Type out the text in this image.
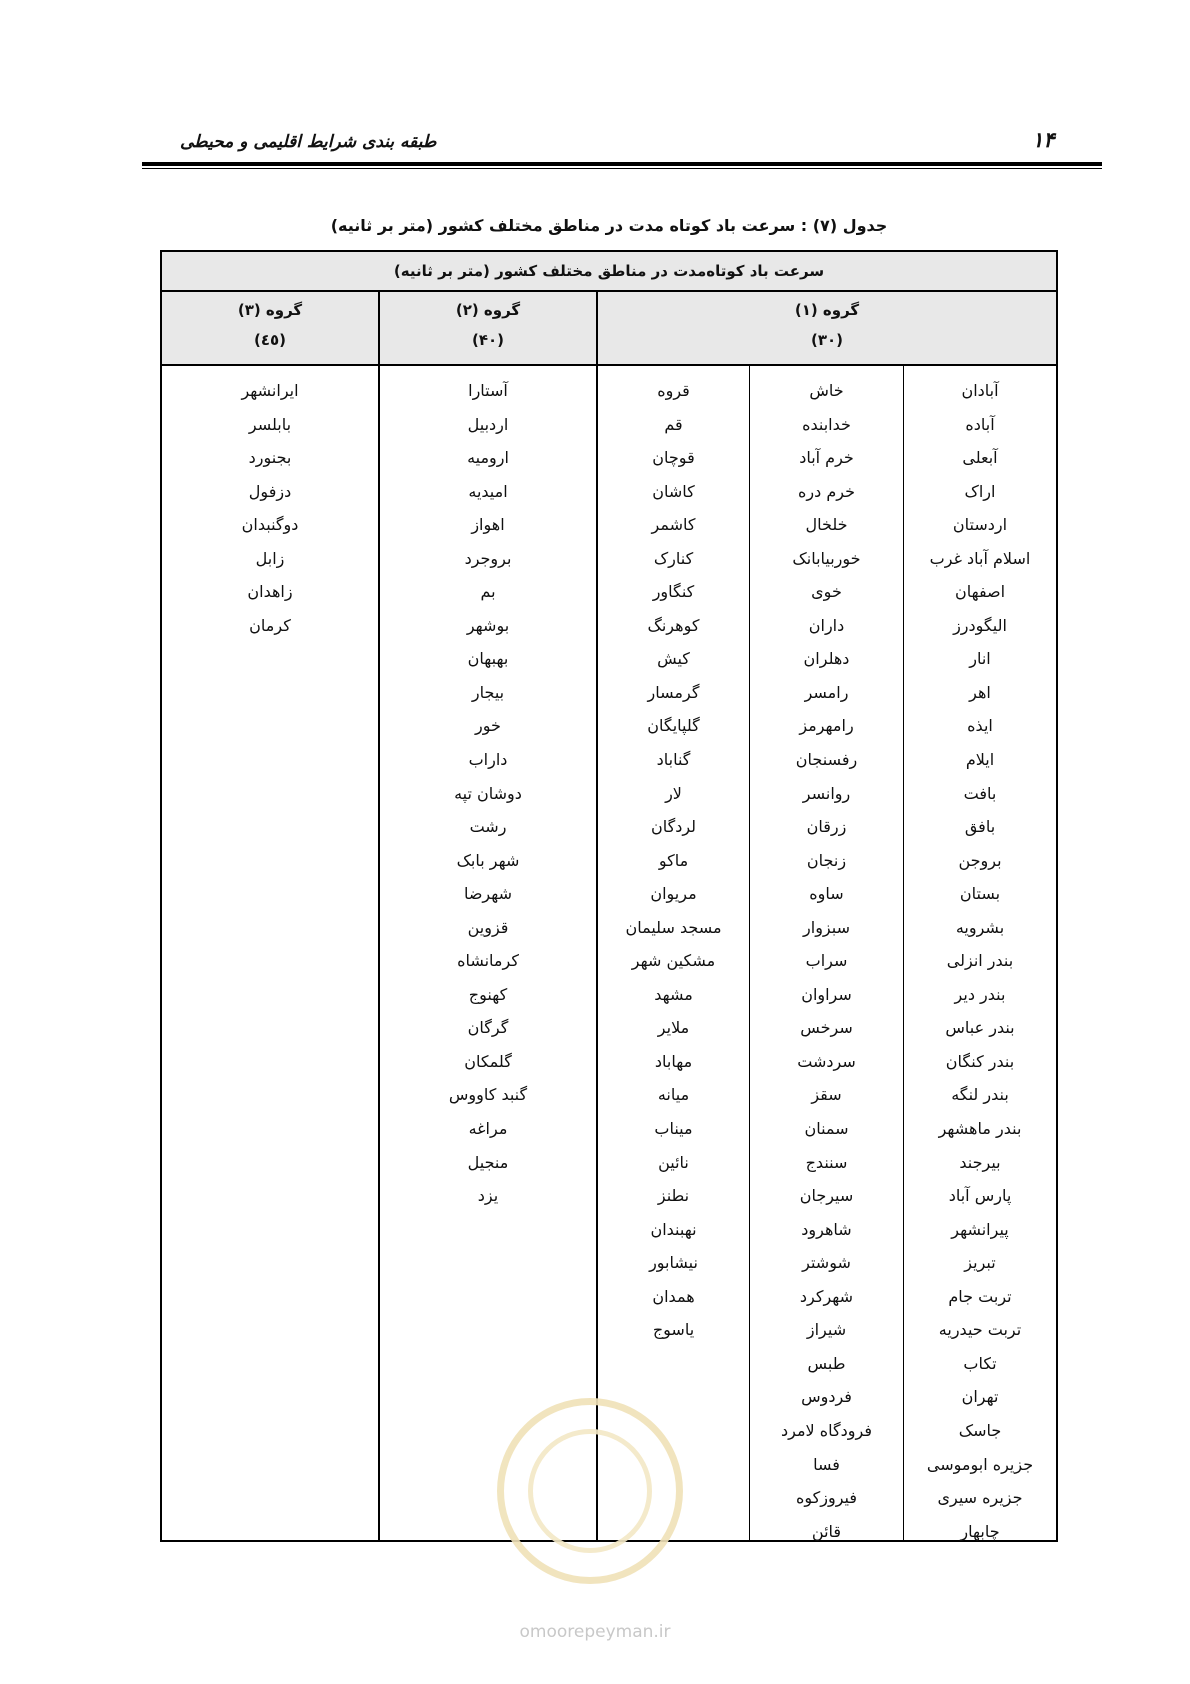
۱۴
طبقه بندی شرایط اقلیمی و محیطی
جدول (۷) : سرعت باد کوتاه مدت در مناطق مختلف کشور (متر بر ثانیه)
سرعت باد کوتاه‌مدت در مناطق مختلف کشور (متر بر ثانیه)
گروه (۳)
(٤٥)
گروه (۲)
(۴۰)
گروه (۱)
(۳۰)
ایرانشهر
بابلسر
بجنورد
دزفول
دوگنبدان
زابل
زاهدان
کرمان
آستارا
اردبیل
ارومیه
امیدیه
اهواز
بروجرد
بم
بوشهر
بهبهان
بیجار
خور
داراب
دوشان تپه
رشت
شهر بابک
شهرضا
قزوین
کرمانشاه
کهنوج
گرگان
گلمکان
گنبد کاووس
مراغه
منجیل
یزد
قروه
قم
قوچان
کاشان
کاشمر
کنارک
کنگاور
کوهرنگ
کیش
گرمسار
گلپایگان
گناباد
لار
لردگان
ماکو
مریوان
مسجد سلیمان
مشکین شهر
مشهد
ملایر
مهاباد
میانه
میناب
نائین
نطنز
نهبندان
نیشابور
همدان
یاسوج
خاش
خدابنده
خرم آباد
خرم دره
خلخال
خوربیابانک
خوی
داران
دهلران
رامسر
رامهرمز
رفسنجان
روانسر
زرقان
زنجان
ساوه
سبزوار
سراب
سراوان
سرخس
سردشت
سقز
سمنان
سنندج
سیرجان
شاهرود
شوشتر
شهرکرد
شیراز
طبس
فردوس
فرودگاه لامرد
فسا
فیروزکوه
قائن
آبادان
آباده
آبعلی
اراک
اردستان
اسلام آباد غرب
اصفهان
الیگودرز
انار
اهر
ایذه
ایلام
بافت
بافق
بروجن
بستان
بشرویه
بندر انزلی
بندر دیر
بندر عباس
بندر کنگان
بندر لنگه
بندر ماهشهر
بیرجند
پارس آباد
پیرانشهر
تبریز
تربت جام
تربت حیدریه
تکاب
تهران
جاسک
جزیره ابوموسی
جزیره سیری
چابهار
omoorepeyman.ir
